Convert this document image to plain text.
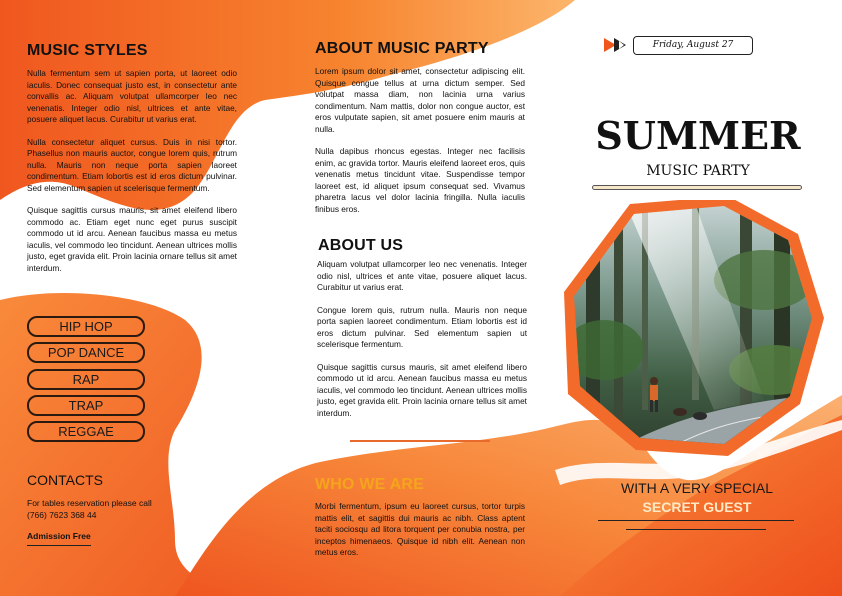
MUSIC STYLES

Nulla fermentum sem ut sapien porta, ut laoreet odio iaculis. Donec consequat justo est, in consectetur ante convallis ac. Aliquam volutpat ullamcorper leo nec venenatis. Integer odio nisl, ultrices et ante vitae, posuere aliquet lacus. Curabitur ut varius erat.

Nulla consectetur aliquet cursus. Duis in nisi tortor. Phasellus non mauris auctor, congue lorem quis, rutrum nulla. Mauris non neque porta sapien laoreet condimentum. Etiam lobortis est id eros dictum pulvinar. Sed elementum sapien ut scelerisque fermentum.

Quisque sagittis cursus mauris, sit amet eleifend libero commodo ac. Etiam eget nunc eget purus suscipit commodo ut id arcu. Aenean faucibus massa eu metus iaculis, vel commodo leo tincidunt. Aenean ultrices mollis justo, eget gravida elit. Proin lacinia ornare tellus sit amet interdum.

HIP HOP
POP DANCE
RAP
TRAP
REGGAE
CONTACTS
For tables reservation please call
(766) 7623 368 44
Admission Free
ABOUT MUSIC PARTY

Lorem ipsum dolor sit amet, consectetur adipiscing elit. Quisque congue tellus at urna dictum semper. Sed volutpat massa diam, non lacinia urna varius condimentum. Nam mattis, dolor non congue auctor, est eros vulputate sapien, sit amet posuere enim mauris at nulla.

Nulla dapibus rhoncus egestas. Integer nec facilisis enim, ac gravida tortor. Mauris eleifend laoreet eros, quis venenatis metus tincidunt vitae. Suspendisse tempor laoreet est, id aliquet ipsum consequat sed. Vivamus pharetra lacus vel dolor lacinia fringilla. Nulla iaculis finibus eros.

ABOUT US

Aliquam volutpat ullamcorper leo nec venenatis. Integer odio nisl, ultrices et ante vitae, posuere aliquet lacus. Curabitur ut varius erat.

Congue lorem quis, rutrum nulla. Mauris non neque porta sapien laoreet condimentum. Etiam lobortis est id eros dictum pulvinar. Sed elementum sapien ut scelerisque fermentum.

Quisque sagittis cursus mauris, sit amet eleifend libero commodo ut id arcu. Aenean faucibus massa eu metus iaculis, vel commodo leo tincidunt. Aenean ultrices mollis justo, eget gravida elit. Proin lacinia ornare tellus sit amet interdum.

WHO WE ARE

Morbi fermentum, ipsum eu laoreet cursus, tortor turpis mattis elit, et sagittis dui mauris ac nibh. Class aptent taciti sociosqu ad litora torquent per conubia nostra, per inceptos himenaeos. Quisque id nibh elit. Aenean non metus eros.

Friday, August 27
SUMMER
MUSIC PARTY
WITH A VERY SPECIAL
SECRET GUEST
